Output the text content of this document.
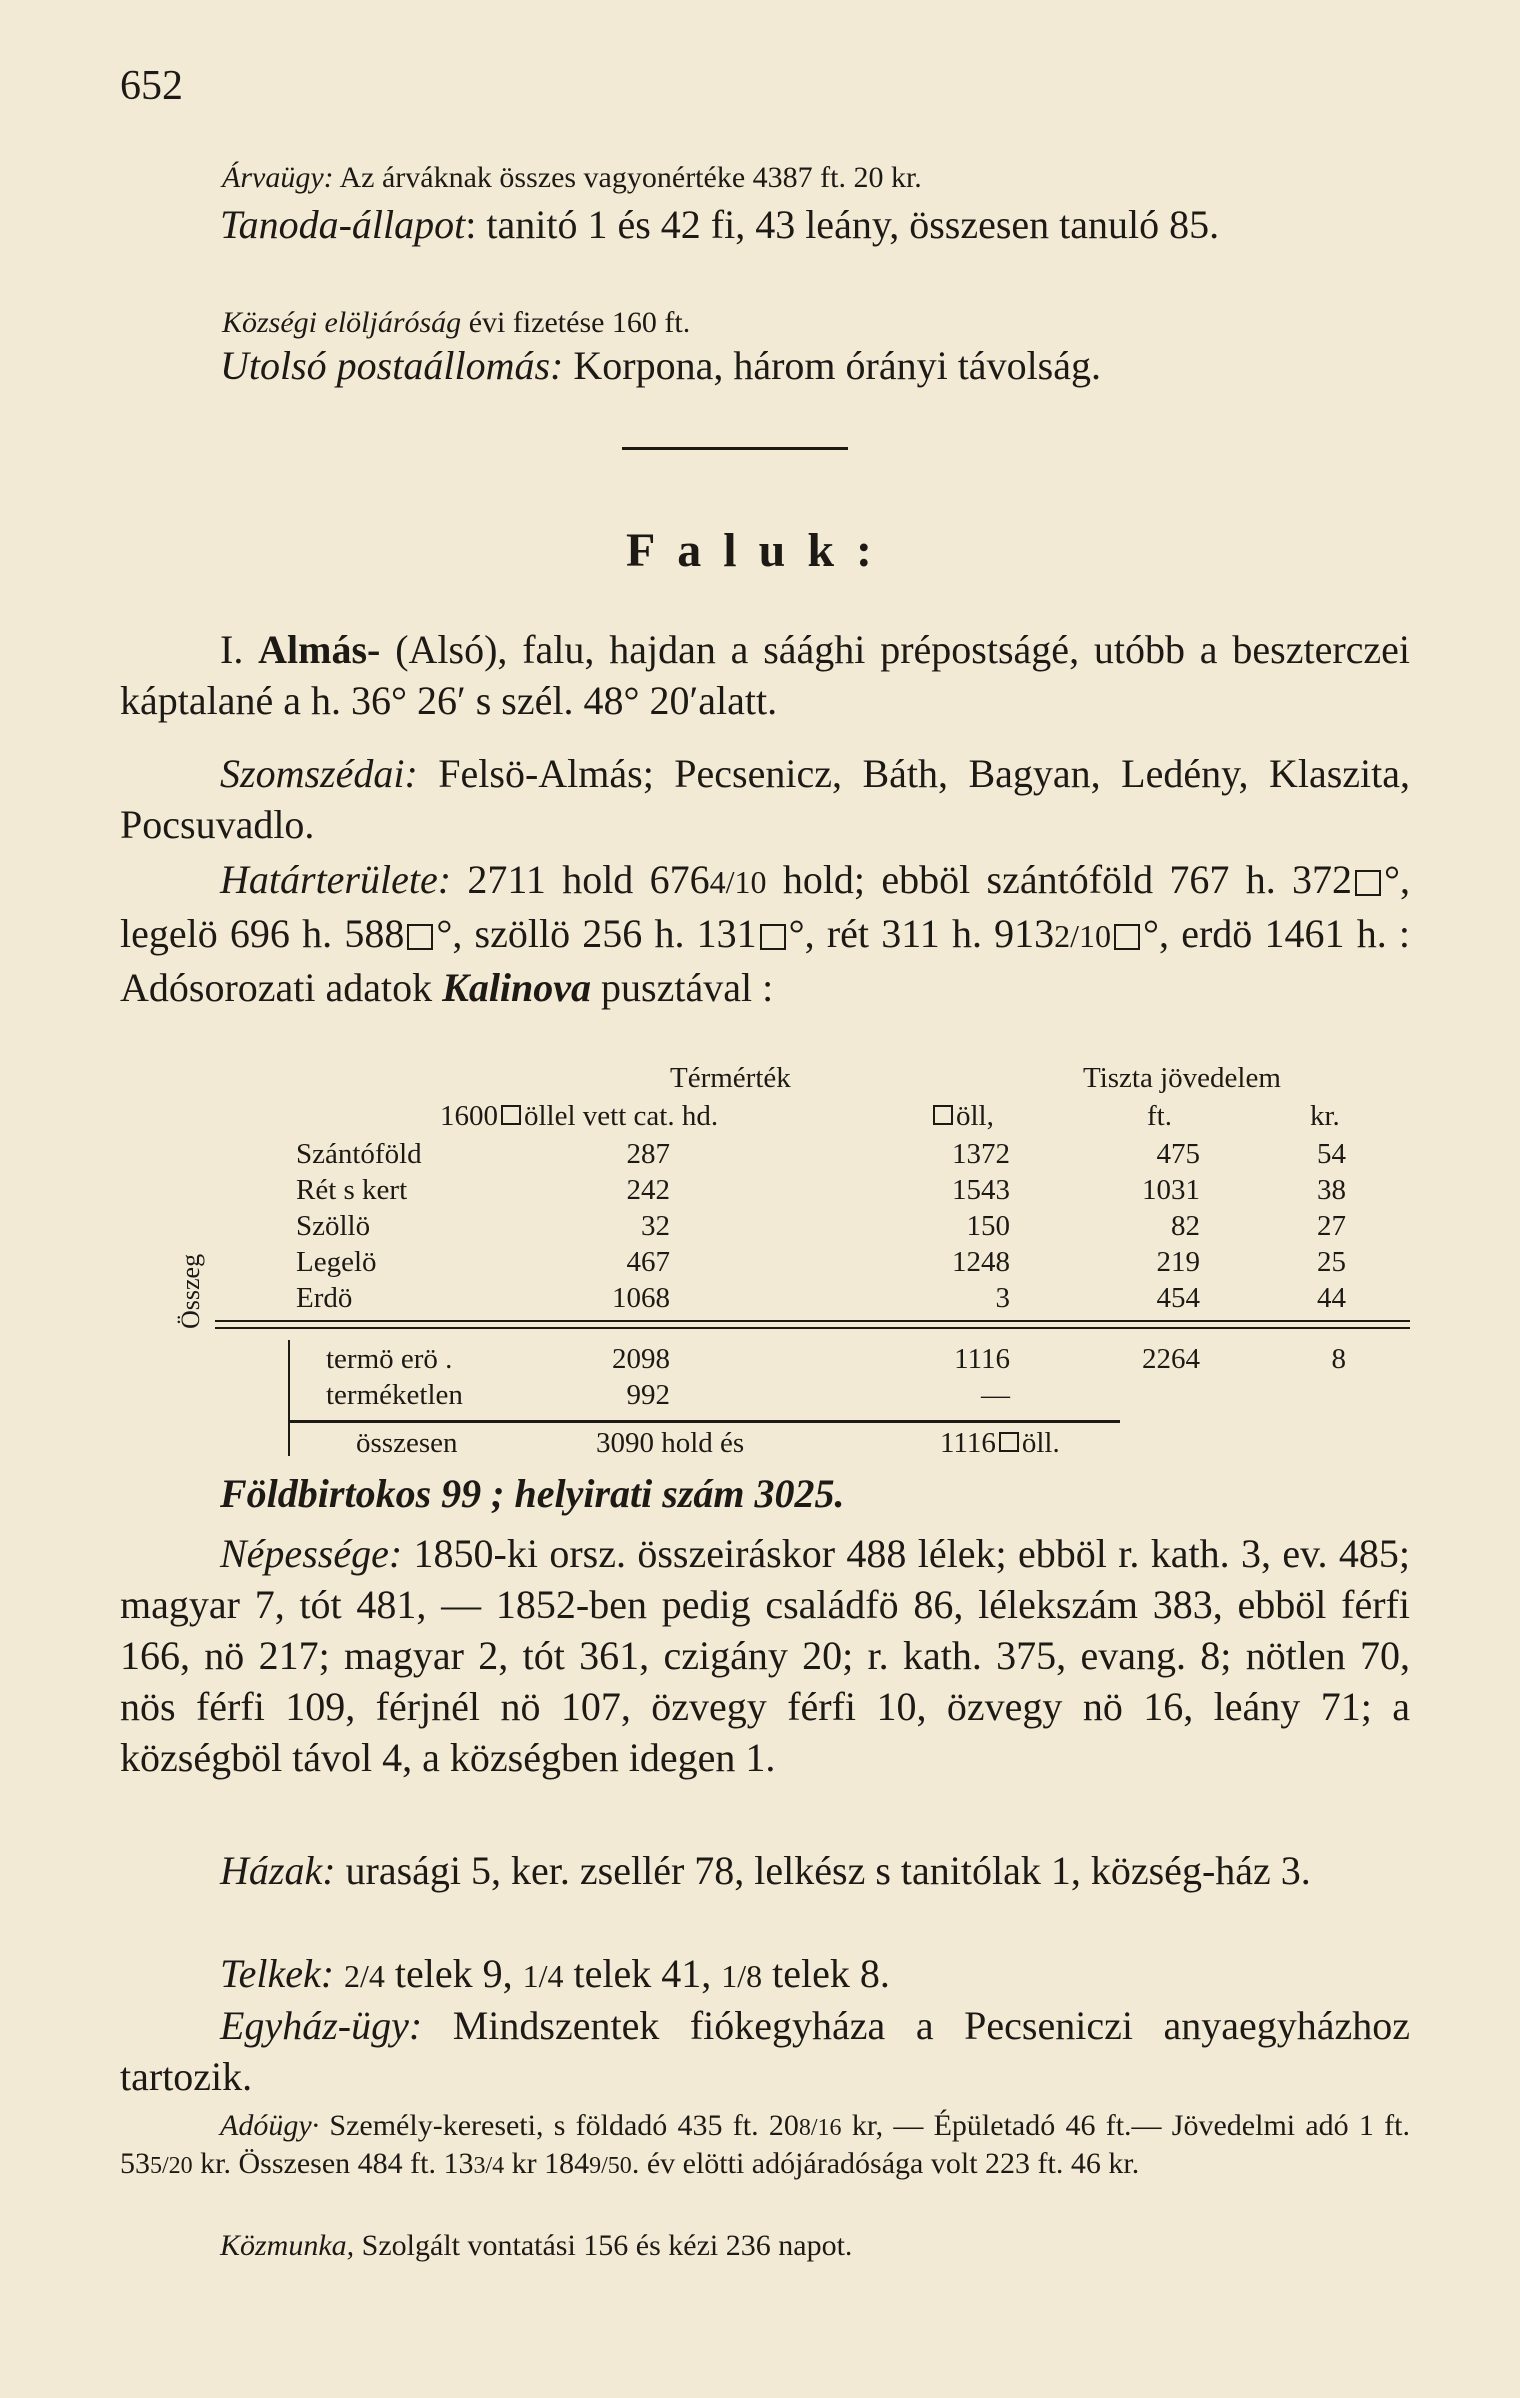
652
Árvaügy: Az árváknak összes vagyonértéke 4387 ft. 20 kr.
Tanoda-állapot: tanitó 1 és 42 fi, 43 leány, összesen tanuló 85.
Községi elöljáróság évi fizetése 160 ft.
Utolsó postaállomás: Korpona, három órányi távolság.
Faluk:
I. Almás- (Alsó), falu, hajdan a sáághi prépostságé, utóbb a beszterczei káptalané a h. 36° 26′ s szél. 48° 20′alatt.
Szomszédai: Felsö-Almás; Pecsenicz, Báth, Bagyan, Ledény, Klaszita, Pocsuvadlo.
Határterülete: 2711 hold 6764/10 hold; ebböl szántóföld 767 h. 372 °, legelö 696 h. 588 °, szöllö 256 h. 131 °, rét 311 h. 9132/10 °, erdö 1461 h. : Adósorozati adatok Kalinova pusztával :
Térmérték	Tiszta jövedelem
1600 öllel vett cat. hd.	öll,	ft.	kr.
Szántóföld	287	1372	475	54
Rét s kert	242	1543	1031	38
Szöllö	32	150	82	27
Legelö	467	1248	219	25
Erdö	1068	3	454	44
Összeg
termö erö .	2098	1116	2264	8
terméketlen	992	—
összesen	3090 hold és	1116 öll.
Földbirtokos 99 ; helyirati szám 3025.
Népessége: 1850-ki orsz. összeiráskor 488 lélek; ebböl r. kath. 3, ev. 485; magyar 7, tót 481, — 1852-ben pedig családfö 86, lélekszám 383, ebböl férfi 166, nö 217; magyar 2, tót 361, czigány 20; r. kath. 375, evang. 8; nötlen 70, nös férfi 109, férjnél nö 107, özvegy férfi 10, özvegy nö 16, leány 71; a községböl távol 4, a községben idegen 1.
Házak: urasági 5, ker. zsellér 78, lelkész s tanitólak 1, község-ház 3.
Telkek: 2/4 telek 9, 1/4 telek 41, 1/8 telek 8.
Egyház-ügy: Mindszentek fiókegyháza a Pecseniczi anyaegyházhoz tartozik.
Adóügy· Személy-kereseti, s földadó 435 ft. 208/16 kr, — Épületadó 46 ft.— Jövedelmi adó 1 ft. 535/20 kr. Összesen 484 ft. 133/4 kr 1849/50. év elötti adójáradósága volt 223 ft. 46 kr.
Közmunka, Szolgált vontatási 156 és kézi 236 napot.
